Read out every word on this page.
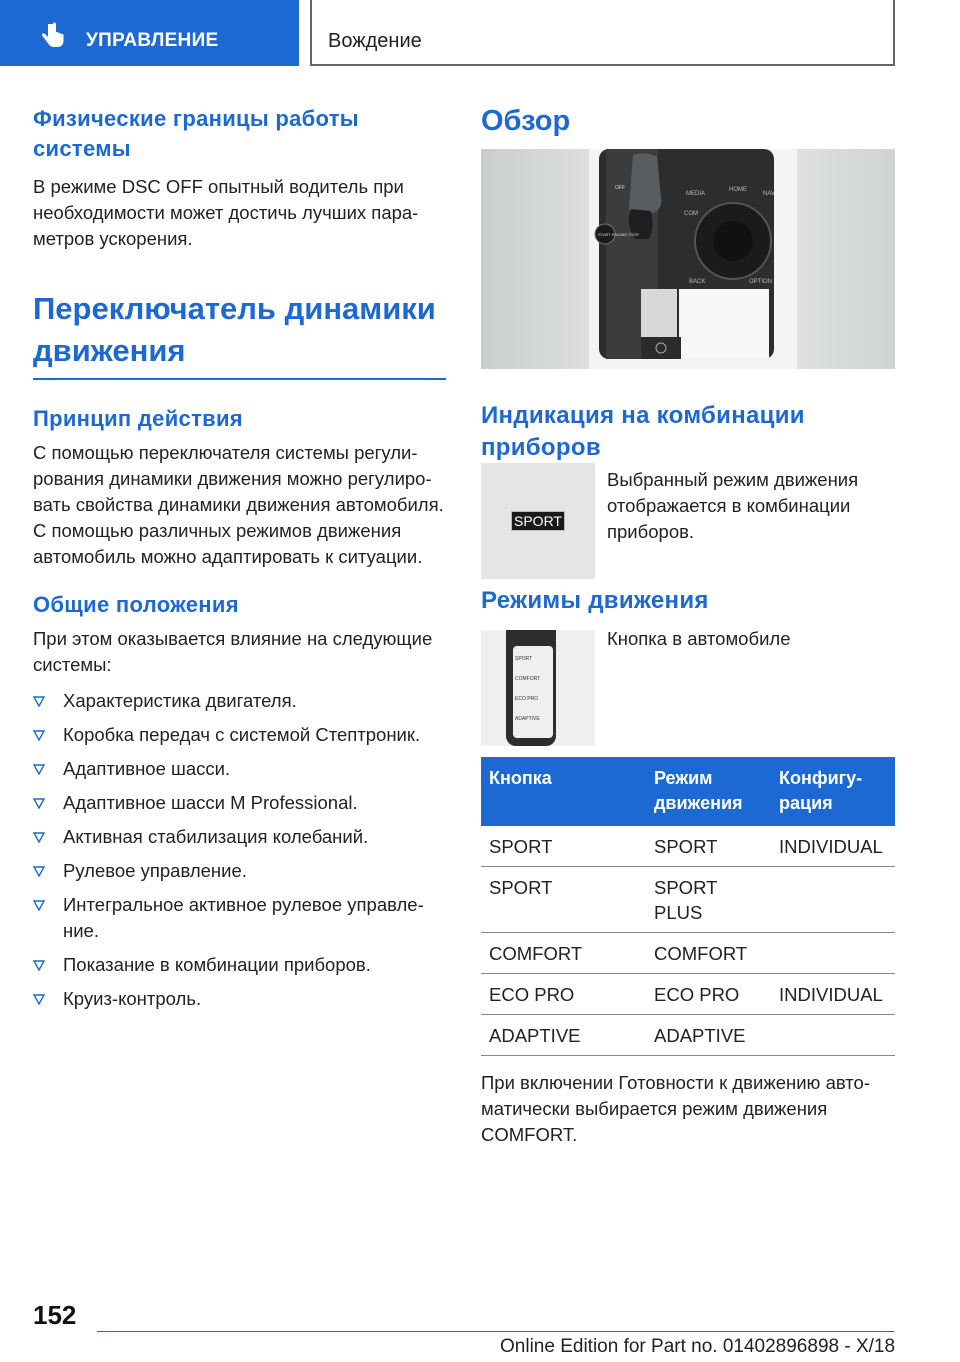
УПРАВЛЕНИЕ	Вождение
Физические границы работы системы

В режиме DSC OFF опытный водитель при необходимости может достичь лучших пара-метров ускорения.

Переключатель динамики движения
Принцип действия

С помощью переключателя системы регули-рования динамики движения можно регулиро-вать свойства динамики движения автомобиля. С помощью различных режимов движения автомобиль можно адаптировать к ситуации.

Общие положения

При этом оказывается влияние на следующие системы:

Характеристика двигателя.
Коробка передач с системой Стептроник.
Адаптивное шасси.
Адаптивное шасси M Professional.
Активная стабилизация колебаний.
Рулевое управление.
Интегральное активное рулевое управле-ние.
Показание в комбинации приборов.
Круиз-контроль.
Обзор
MEDIA
HOME
NAV
COM
BACK	OPTION
START ENGINE STOP
OFF
Индикация на комбинации приборов
SPORT

Выбранный режим движения отображается в комбинации приборов.

Режимы движения
SPORT
COMFORT
ECO PRO
ADAPTIVE

Кнопка в автомобиле

Кнопка	Режим движения	Конфигу-рация
SPORT	SPORT	INDIVIDUAL
SPORT	SPORT PLUS	
COMFORT	COMFORT	
ECO PRO	ECO PRO	INDIVIDUAL
ADAPTIVE	ADAPTIVE	

При включении Готовности к движению авто-матически выбирается режим движения COMFORT.

152
Online Edition for Part no. 01402896898 - X/18
